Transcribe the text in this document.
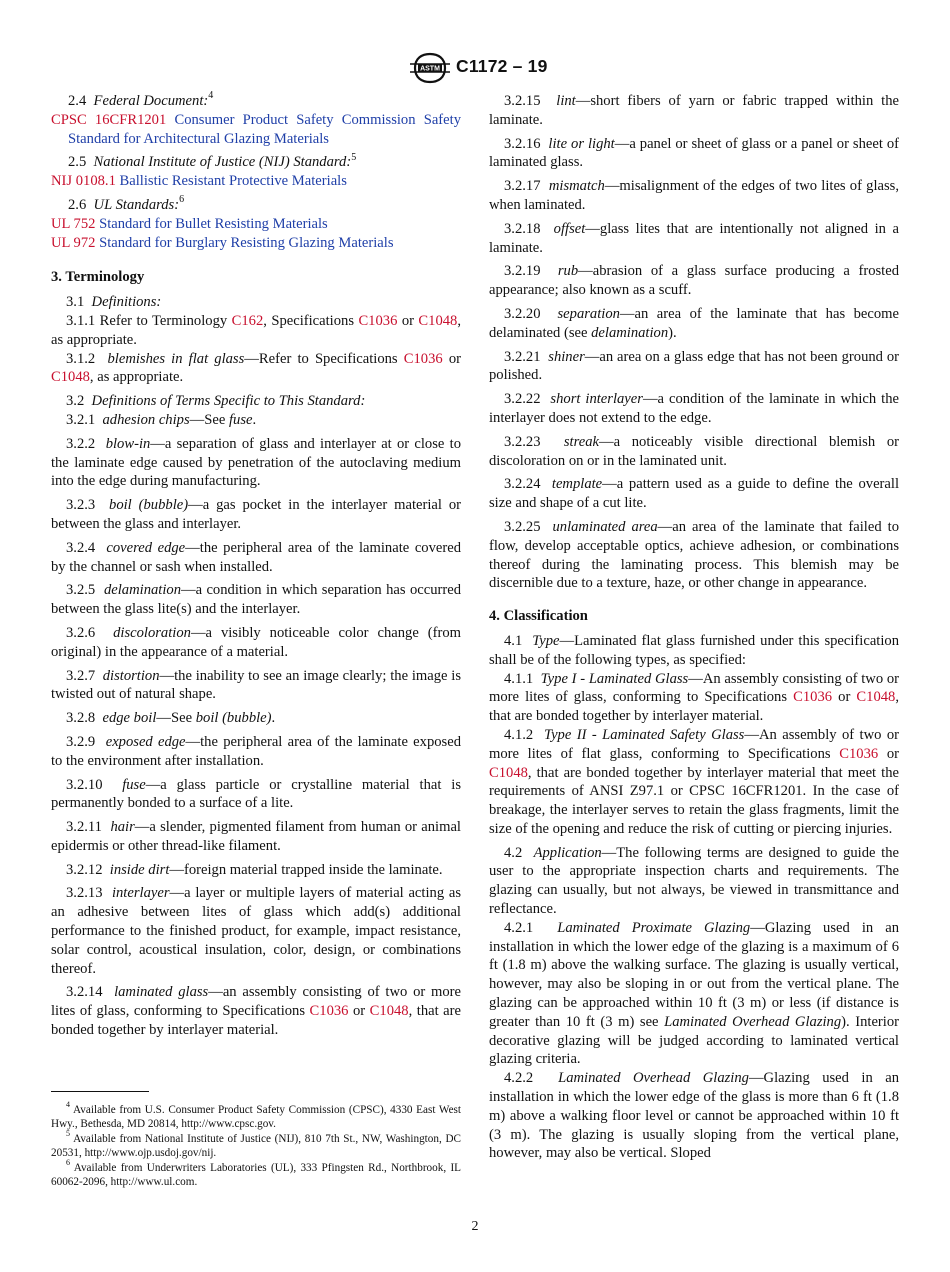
ASTM C1172 – 19
2.4 Federal Document:$^4$
CPSC 16CFR1201 Consumer Product Safety Commission Safety Standard for Architectural Glazing Materials
2.5 National Institute of Justice (NIJ) Standard:$^5$
NIJ 0108.1 Ballistic Resistant Protective Materials
2.6 UL Standards:$^6$
UL 752 Standard for Bullet Resisting Materials
UL 972 Standard for Burglary Resisting Glazing Materials
3. Terminology

3.1 Definitions:

3.1.1 Refer to Terminology C162, Specifications C1036 or C1048, as appropriate.

3.1.2 blemishes in flat glass—Refer to Specifications C1036 or C1048, as appropriate.

3.2 Definitions of Terms Specific to This Standard:

3.2.1 adhesion chips—See fuse.

3.2.2 blow-in—a separation of glass and interlayer at or close to the laminate edge caused by penetration of the autoclaving medium into the edge during manufacturing.

3.2.3 boil (bubble)—a gas pocket in the interlayer material or between the glass and interlayer.

3.2.4 covered edge—the peripheral area of the laminate covered by the channel or sash when installed.

3.2.5 delamination—a condition in which separation has occurred between the glass lite(s) and the interlayer.

3.2.6 discoloration—a visibly noticeable color change (from original) in the appearance of a material.

3.2.7 distortion—the inability to see an image clearly; the image is twisted out of natural shape.

3.2.8 edge boil—See boil (bubble).

3.2.9 exposed edge—the peripheral area of the laminate exposed to the environment after installation.

3.2.10 fuse—a glass particle or crystalline material that is permanently bonded to a surface of a lite.

3.2.11 hair—a slender, pigmented filament from human or animal epidermis or other thread-like filament.

3.2.12 inside dirt—foreign material trapped inside the laminate.

3.2.13 interlayer—a layer or multiple layers of material acting as an adhesive between lites of glass which add(s) additional performance to the finished product, for example, impact resistance, solar control, acoustical insulation, color, design, or combinations thereof.

3.2.14 laminated glass—an assembly consisting of two or more lites of glass, conforming to Specifications C1036 or C1048, that are bonded together by interlayer material.

3.2.15 lint—short fibers of yarn or fabric trapped within the laminate.

3.2.16 lite or light—a panel or sheet of glass or a panel or sheet of laminated glass.

3.2.17 mismatch—misalignment of the edges of two lites of glass, when laminated.

3.2.18 offset—glass lites that are intentionally not aligned in a laminate.

3.2.19 rub—abrasion of a glass surface producing a frosted appearance; also known as a scuff.

3.2.20 separation—an area of the laminate that has become delaminated (see delamination).

3.2.21 shiner—an area on a glass edge that has not been ground or polished.

3.2.22 short interlayer—a condition of the laminate in which the interlayer does not extend to the edge.

3.2.23 streak—a noticeably visible directional blemish or discoloration on or in the laminated unit.

3.2.24 template—a pattern used as a guide to define the overall size and shape of a cut lite.

3.2.25 unlaminated area—an area of the laminate that failed to flow, develop acceptable optics, achieve adhesion, or combinations thereof during the laminating process. This blemish may be discernible due to a texture, haze, or other change in appearance.

4. Classification

4.1 Type—Laminated flat glass furnished under this specification shall be of the following types, as specified:

4.1.1 Type I - Laminated Glass—An assembly consisting of two or more lites of glass, conforming to Specifications C1036 or C1048, that are bonded together by interlayer material.

4.1.2 Type II - Laminated Safety Glass—An assembly of two or more lites of flat glass, conforming to Specifications C1036 or C1048, that are bonded together by interlayer material that meet the requirements of ANSI Z97.1 or CPSC 16CFR1201. In the case of breakage, the interlayer serves to retain the glass fragments, limit the size of the opening and reduce the risk of cutting or piercing injuries.

4.2 Application—The following terms are designed to guide the user to the appropriate inspection charts and requirements. The glazing can usually, but not always, be viewed in transmittance and reflectance.

4.2.1 Laminated Proximate Glazing—Glazing used in an installation in which the lower edge of the glazing is a maximum of 6 ft (1.8 m) above the walking surface. The glazing is usually vertical, however, may also be sloping in or out from the vertical plane. The glazing can be approached within 10 ft (3 m) or less (if distance is greater than 10 ft (3 m) see Laminated Overhead Glazing). Interior decorative glazing will be judged according to laminated vertical glazing criteria.

4.2.2 Laminated Overhead Glazing—Glazing used in an installation in which the lower edge of the glass is more than 6 ft (1.8 m) above a walking floor level or cannot be approached within 10 ft (3 m). The glazing is usually sloping from the vertical plane, however, may also be vertical. Sloped

$^4$ Available from U.S. Consumer Product Safety Commission (CPSC), 4330 East West Hwy., Bethesda, MD 20814, http://www.cpsc.gov.

$^5$ Available from National Institute of Justice (NIJ), 810 7th St., NW, Washington, DC 20531, http://www.ojp.usdoj.gov/nij.

$^6$ Available from Underwriters Laboratories (UL), 333 Pfingsten Rd., Northbrook, IL 60062-2096, http://www.ul.com.

2
